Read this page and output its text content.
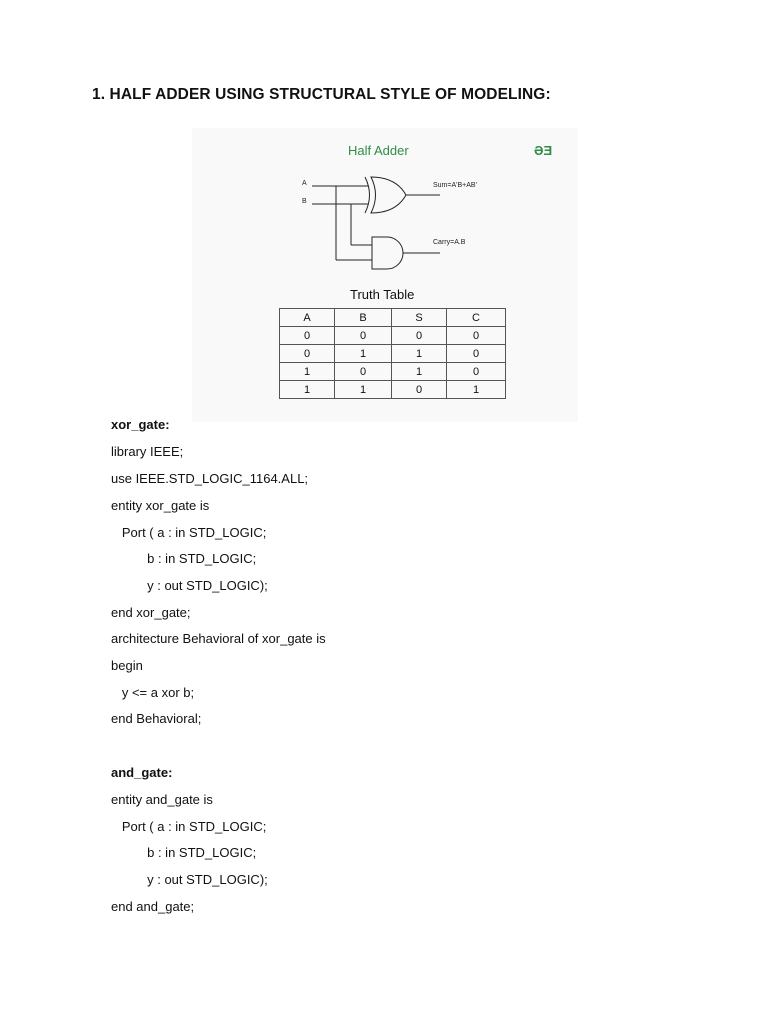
1. HALF ADDER USING STRUCTURAL STYLE OF MODELING:
Half Adder	ƏƎ
A
B
Sum=A'B+AB'
Carry=A.B
Truth Table
A	B	S	C
0	0	0	0
0	1	1	0
1	0	1	0
1	1	0	1
xor_gate:
library IEEE;
use IEEE.STD_LOGIC_1164.ALL;
entity xor_gate is
Port ( a : in STD_LOGIC;
b : in STD_LOGIC;
y : out STD_LOGIC);
end xor_gate;
architecture Behavioral of xor_gate is
begin
y <= a xor b;
end Behavioral;
and_gate:
entity and_gate is
Port ( a : in STD_LOGIC;
b : in STD_LOGIC;
y : out STD_LOGIC);
end and_gate;
